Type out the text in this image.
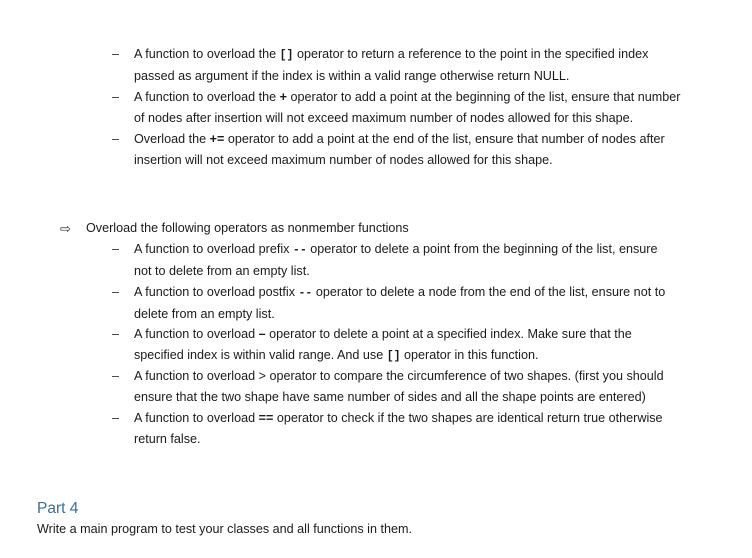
–	A function to overload the [] operator to return a reference to the point in the specified index
passed as argument if the index is within a valid range otherwise return NULL.
–	A function to overload the + operator to add a point at the beginning of the list, ensure that number
of nodes after insertion will not exceed maximum number of nodes allowed for this shape.
–	Overload the += operator to add a point at the end of the list, ensure that number of nodes after
insertion will not exceed maximum number of nodes allowed for this shape.
⇨	Overload the following operators as nonmember functions
–	A function to overload prefix -- operator to delete a point from the beginning of the list, ensure
not to delete from an empty list.
–	A function to overload postfix -- operator to delete a node from the end of the list, ensure not to
delete from an empty list.
–	A function to overload – operator to delete a point at a specified index. Make sure that the
specified index is within valid range. And use [] operator in this function.
–	A function to overload > operator to compare the circumference of two shapes. (first you should
ensure that the two shape have same number of sides and all the shape points are entered)
–	A function to overload == operator to check if the two shapes are identical return true otherwise
return false.
Part 4
Write a main program to test your classes and all functions in them.
